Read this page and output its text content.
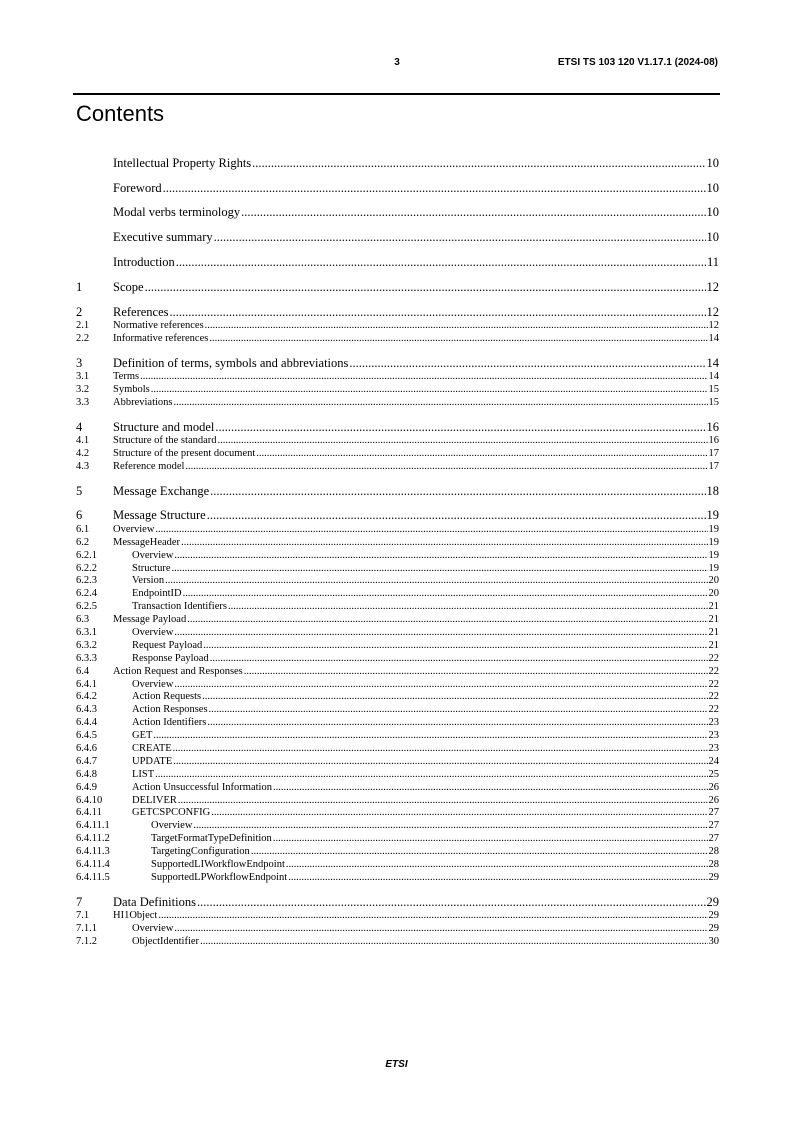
3	ETSI TS 103 120 V1.17.1 (2024-08)
Contents
Intellectual Property Rights .....	10
Foreword .....	10
Modal verbs terminology .....	10
Executive summary .....	10
Introduction .....	11
1	Scope .....	12
2	References .....	12
2.1	Normative references .....	12
2.2	Informative references .....	14
3	Definition of terms, symbols and abbreviations .....	14
3.1	Terms .....	14
3.2	Symbols .....	15
3.3	Abbreviations .....	15
4	Structure and model .....	16
4.1	Structure of the standard .....	16
4.2	Structure of the present document .....	17
4.3	Reference model .....	17
5	Message Exchange .....	18
6	Message Structure .....	19
6.1	Overview .....	19
6.2	MessageHeader .....	19
6.2.1	Overview .....	19
6.2.2	Structure .....	19
6.2.3	Version .....	20
6.2.4	EndpointID .....	20
6.2.5	Transaction Identifiers .....	21
6.3	Message Payload .....	21
6.3.1	Overview .....	21
6.3.2	Request Payload .....	21
6.3.3	Response Payload .....	22
6.4	Action Request and Responses .....	22
6.4.1	Overview .....	22
6.4.2	Action Requests .....	22
6.4.3	Action Responses .....	22
6.4.4	Action Identifiers .....	23
6.4.5	GET .....	23
6.4.6	CREATE .....	23
6.4.7	UPDATE .....	24
6.4.8	LIST .....	25
6.4.9	Action Unsuccessful Information .....	26
6.4.10	DELIVER .....	26
6.4.11	GETCSPCONFIG .....	27
6.4.11.1	Overview .....	27
6.4.11.2	TargetFormatTypeDefinition .....	27
6.4.11.3	TargetingConfiguration .....	28
6.4.11.4	SupportedLIWorkflowEndpoint .....	28
6.4.11.5	SupportedLPWorkflowEndpoint .....	29
7	Data Definitions .....	29
7.1	HI1Object .....	29
7.1.1	Overview .....	29
7.1.2	ObjectIdentifier .....	30
ETSI
